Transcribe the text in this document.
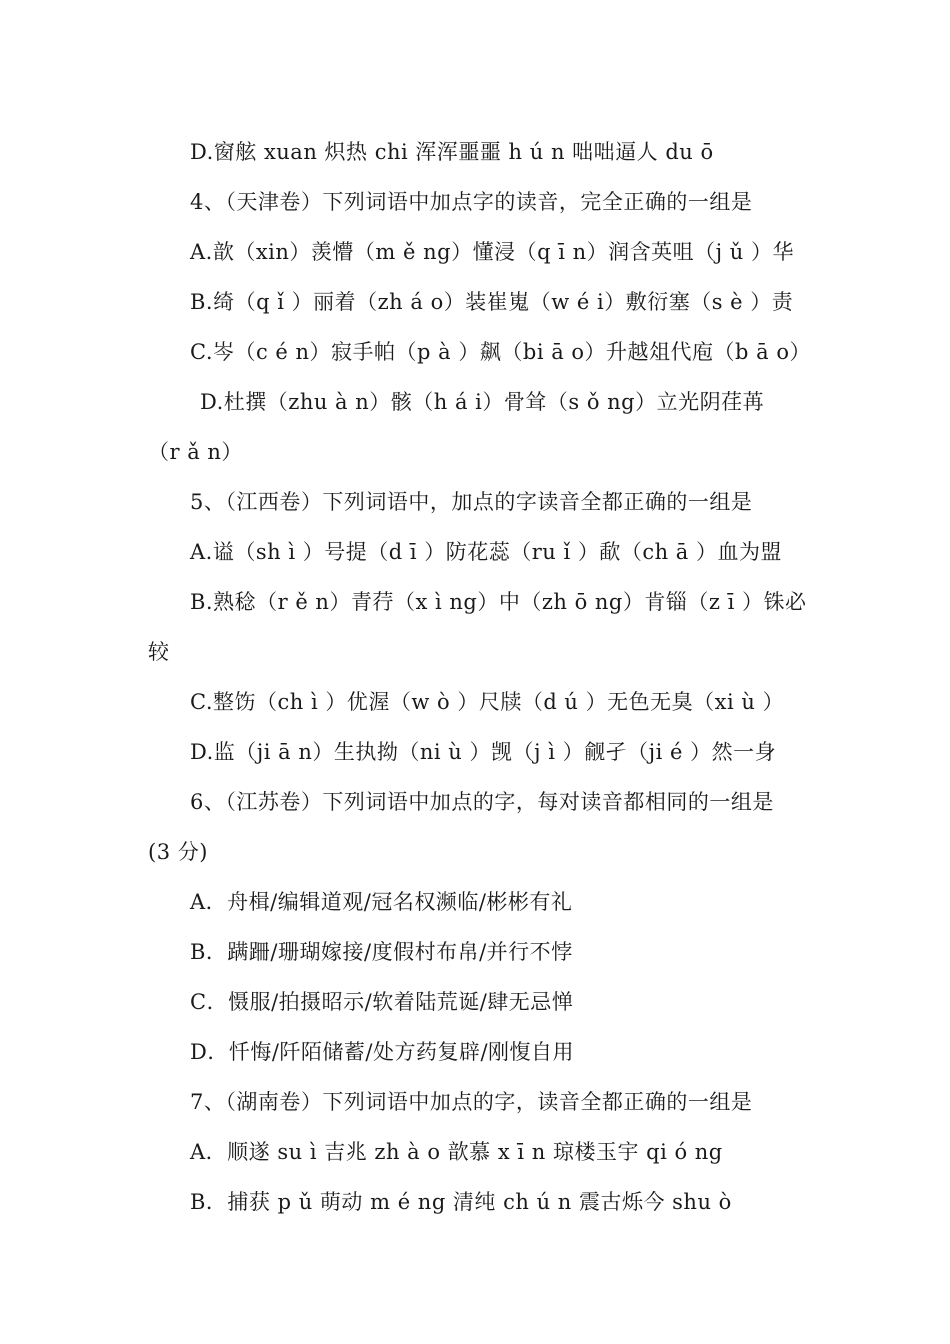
D.窗舷 xuan 炽热 chi 浑浑噩噩 h ú n 咄咄逼人 du ō
4、（天津卷）下列词语中加点字的读音，完全正确的一组是
A.歆（xin）羡懵（m ě ng）懂浸（q ī n）润含英咀（j ǔ ）华
B.绮（q ǐ ）丽着（zh á o）装崔嵬（w é i）敷衍塞（s è ）责
C.岑（c é n）寂手帕（p à ）飙（bi ā o）升越俎代庖（b ā o）
D.杜撰（zhu à n）骸（h á i）骨耸（s ǒ ng）立光阴荏苒
（r ǎ n）
5、（江西卷）下列词语中，加点的字读音全都正确的一组是
A.谥（sh ì ）号提（d ī ）防花蕊（ru ǐ ）歃（ch ā ）血为盟
B.熟稔（r ě n）青荇（x ì ng）中（zh ō ng）肯锱（z ī ）铢必
较
C.整饬（ch ì ）优渥（w ò ）尺牍（d ú ）无色无臭（xi ù ）
D.监（ji ā n）生执拗（ni ù ）觊（j ì ）觎孑（ji é ）然一身
6、（江苏卷）下列词语中加点的字，每对读音都相同的一组是
(3 分)
A．舟楫/编辑道观/冠名权濒临/彬彬有礼
B．蹒跚/珊瑚嫁接/度假村布帛/并行不悖
C．慑服/拍摄昭示/软着陆荒诞/肆无忌惮
D．忏悔/阡陌储蓄/处方药复辟/刚愎自用
7、（湖南卷）下列词语中加点的字，读音全都正确的一组是
A．顺遂 su ì 吉兆 zh à o 歆慕 x ī n 琼楼玉宇 qi ó ng
B．捕获 p ǔ 萌动 m é ng 清纯 ch ú n 震古烁今 shu ò
